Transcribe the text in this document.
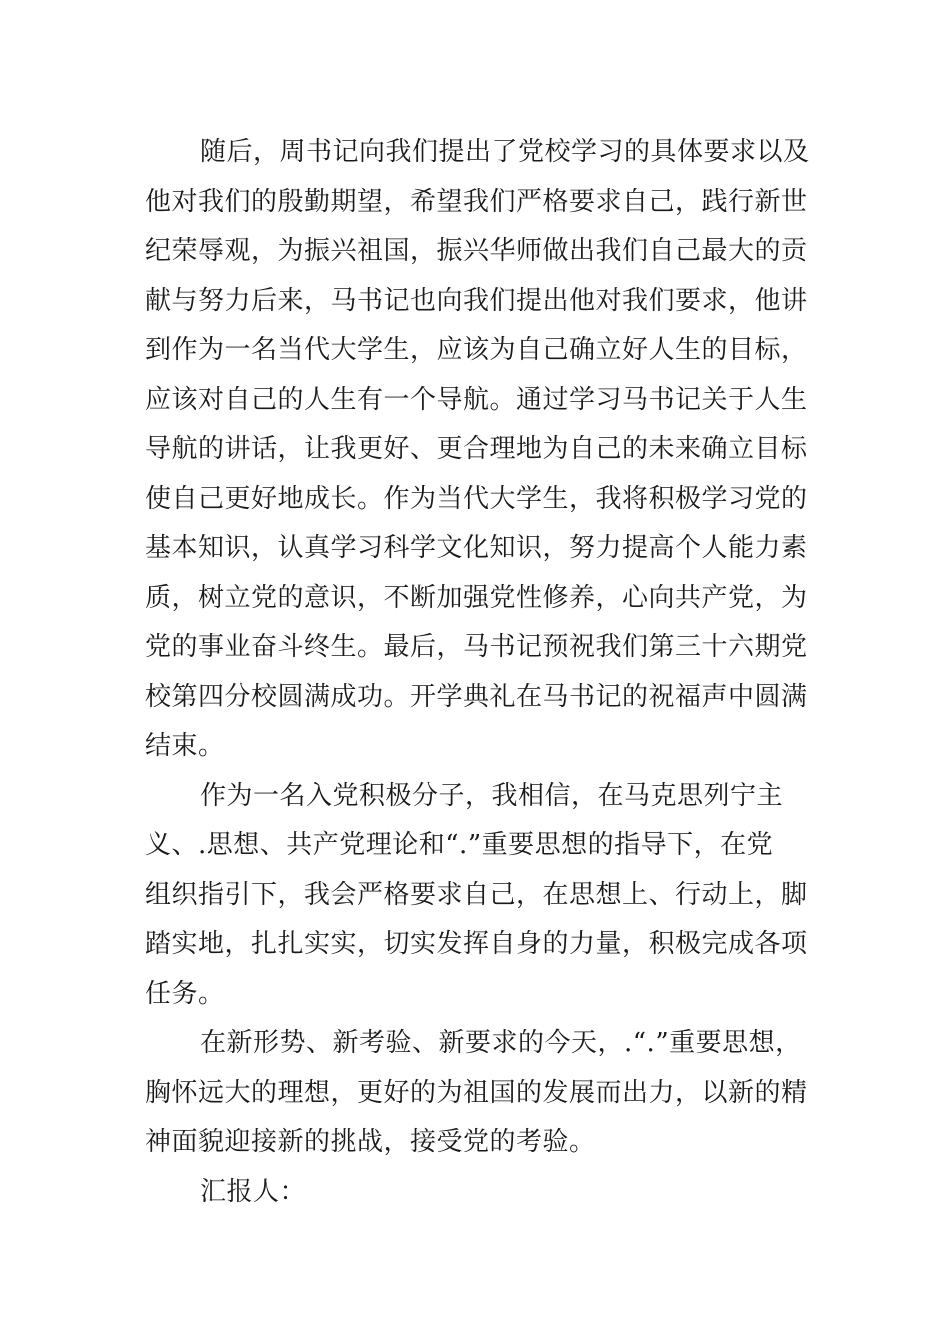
随后，周书记向我们提出了党校学习的具体要求以及
他对我们的殷勤期望，希望我们严格要求自己，践行新世
纪荣辱观，为振兴祖国，振兴华师做出我们自己最大的贡
献与努力后来，马书记也向我们提出他对我们要求，他讲
到作为一名当代大学生，应该为自己确立好人生的目标，
应该对自己的人生有一个导航。通过学习马书记关于人生
导航的讲话，让我更好、更合理地为自己的未来确立目标
使自己更好地成长。作为当代大学生，我将积极学习党的
基本知识，认真学习科学文化知识，努力提高个人能力素
质，树立党的意识，不断加强党性修养，心向共产党，为
党的事业奋斗终生。最后，马书记预祝我们第三十六期党
校第四分校圆满成功。开学典礼在马书记的祝福声中圆满
结束。
作为一名入党积极分子，我相信，在马克思列宁主
义、.思想、共产党理论和“.”重要思想的指导下，在党
组织指引下，我会严格要求自己，在思想上、行动上，脚
踏实地，扎扎实实，切实发挥自身的力量，积极完成各项
任务。
在新形势、新考验、新要求的今天，.“.”重要思想，
胸怀远大的理想，更好的为祖国的发展而出力，以新的精
神面貌迎接新的挑战，接受党的考验。
汇报人：
